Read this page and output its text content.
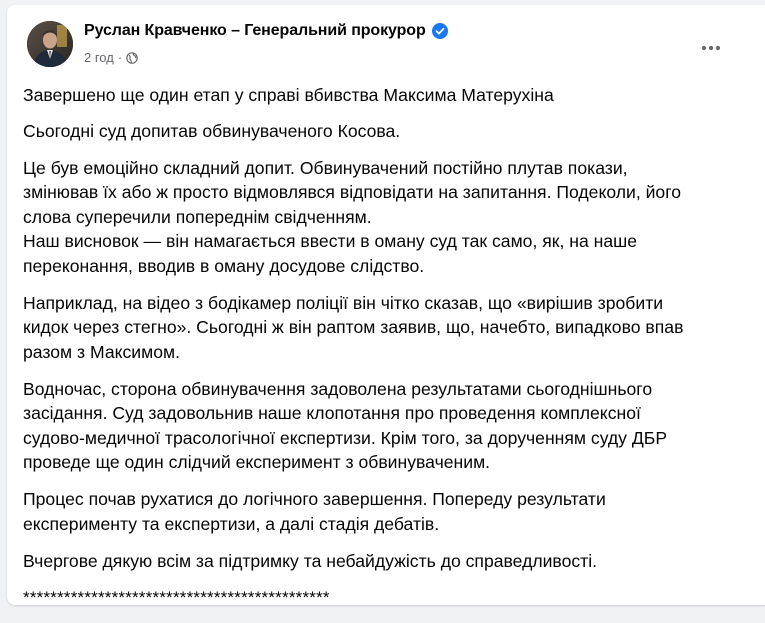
Руслан Кравченко – Генеральний прокурор
2 год ·

Завершено ще один етап у справі вбивства Максима Матерухіна

Сьогодні суд допитав обвинуваченого Косова.

Це був емоційно складний допит. Обвинувачений постійно плутав покази,
змінював їх або ж просто відмовлявся відповідати на запитання. Подеколи, його
слова суперечили попереднім свідченням.
Наш висновок — він намагається ввести в оману суд так само, як, на наше
переконання, вводив в оману досудове слідство.

Наприклад, на відео з бодікамер поліції він чітко сказав, що «вирішив зробити
кидок через стегно». Сьогодні ж він раптом заявив, що, начебто, випадково впав
разом з Максимом.

Водночас, сторона обвинувачення задоволена результатами сьогоднішнього
засідання. Суд задовольнив наше клопотання про проведення комплексної
судово-медичної трасологічної експертизи. Крім того, за дорученням суду ДБР
проведе ще один слідчий експеримент з обвинуваченим.

Процес почав рухатися до логічного завершення. Попереду результати
експерименту та експертизи, а далі стадія дебатів.

Вчергове дякую всім за підтримку та небайдужість до справедливості.

*********************************************
